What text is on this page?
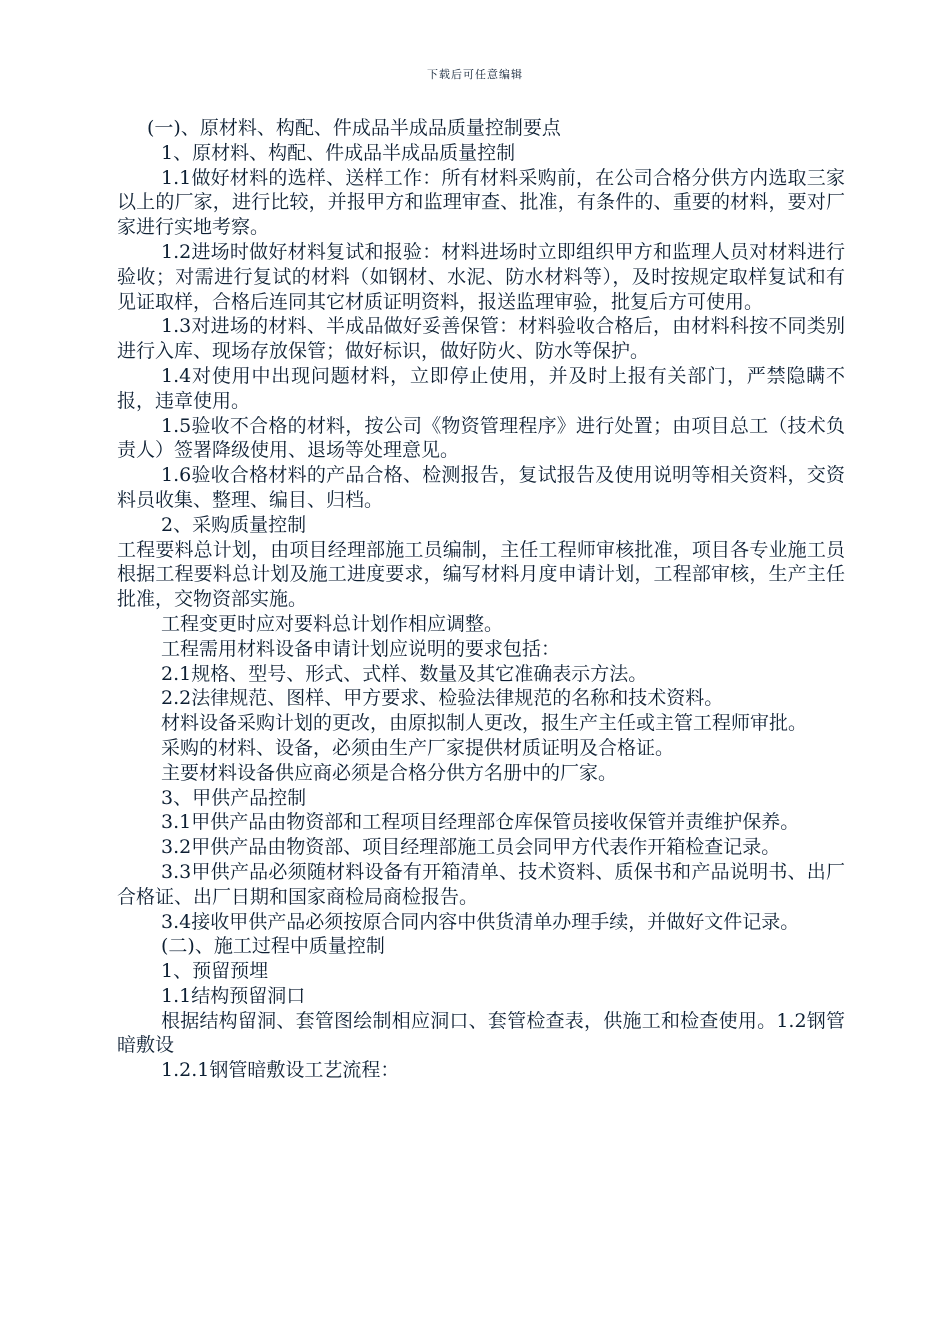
下载后可任意编辑

(一)、原材料、构配、件成品半成品质量控制要点

1、原材料、构配、件成品半成品质量控制

1.1做好材料的选样、送样工作：所有材料采购前，在公司合格分供方内选取三家以上的厂家，进行比较，并报甲方和监理审查、批准，有条件的、重要的材料，要对厂家进行实地考察。

1.2进场时做好材料复试和报验：材料进场时立即组织甲方和监理人员对材料进行验收；对需进行复试的材料（如钢材、水泥、防水材料等），及时按规定取样复试和有见证取样，合格后连同其它材质证明资料，报送监理审验，批复后方可使用。

1.3对进场的材料、半成品做好妥善保管：材料验收合格后，由材料科按不同类别进行入库、现场存放保管；做好标识，做好防火、防水等保护。

1.4对使用中出现问题材料，立即停止使用，并及时上报有关部门，严禁隐瞒不报，违章使用。

1.5验收不合格的材料，按公司《物资管理程序》进行处置；由项目总工（技术负责人）签署降级使用、退场等处理意见。

1.6验收合格材料的产品合格、检测报告，复试报告及使用说明等相关资料，交资料员收集、整理、编目、归档。

2、采购质量控制

工程要料总计划，由项目经理部施工员编制，主任工程师审核批准，项目各专业施工员根据工程要料总计划及施工进度要求，编写材料月度申请计划，工程部审核，生产主任批准，交物资部实施。

工程变更时应对要料总计划作相应调整。

工程需用材料设备申请计划应说明的要求包括：

2.1规格、型号、形式、式样、数量及其它准确表示方法。

2.2法律规范、图样、甲方要求、检验法律规范的名称和技术资料。

材料设备采购计划的更改，由原拟制人更改，报生产主任或主管工程师审批。

采购的材料、设备，必须由生产厂家提供材质证明及合格证。

主要材料设备供应商必须是合格分供方名册中的厂家。

3、甲供产品控制

3.1甲供产品由物资部和工程项目经理部仓库保管员接收保管并责维护保养。

3.2甲供产品由物资部、项目经理部施工员会同甲方代表作开箱检查记录。

3.3甲供产品必须随材料设备有开箱清单、技术资料、质保书和产品说明书、出厂合格证、出厂日期和国家商检局商检报告。

3.4接收甲供产品必须按原合同内容中供货清单办理手续，并做好文件记录。

(二)、施工过程中质量控制

1、预留预埋

1.1结构预留洞口

根据结构留洞、套管图绘制相应洞口、套管检查表，供施工和检查使用。1.2钢管暗敷设

1.2.1钢管暗敷设工艺流程：
